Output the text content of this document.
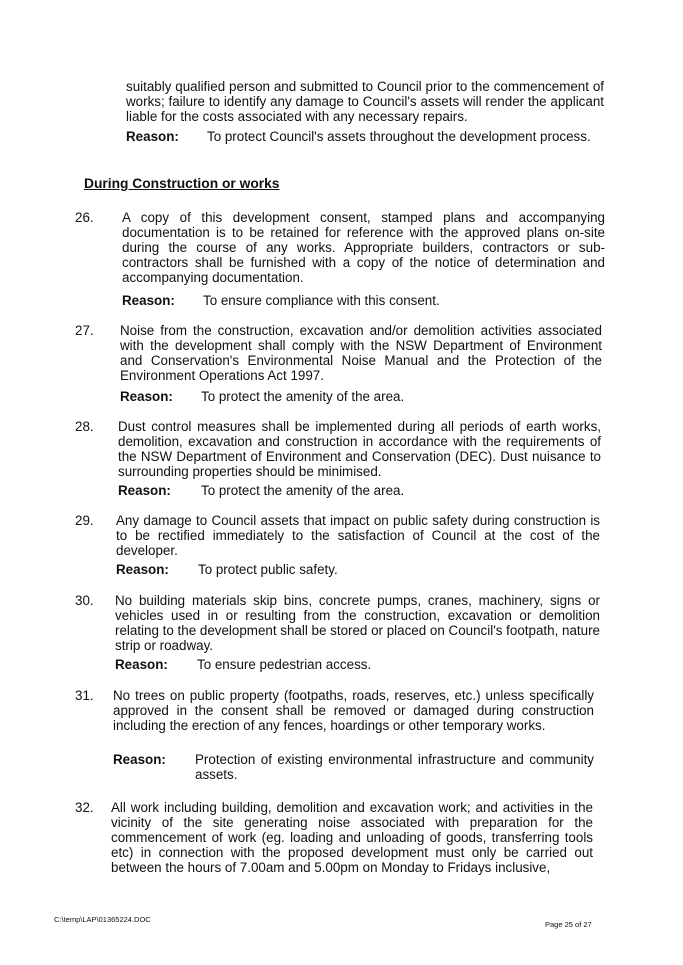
suitably qualified person and submitted to Council prior to the commencement of works; failure to identify any damage to Council's assets will render the applicant liable for the costs associated with any necessary repairs.
Reason: To protect Council's assets throughout the development process.
During Construction or works
26. A copy of this development consent, stamped plans and accompanying documentation is to be retained for reference with the approved plans on-site during the course of any works. Appropriate builders, contractors or sub-contractors shall be furnished with a copy of the notice of determination and accompanying documentation.
Reason: To ensure compliance with this consent.
27. Noise from the construction, excavation and/or demolition activities associated with the development shall comply with the NSW Department of Environment and Conservation's Environmental Noise Manual and the Protection of the Environment Operations Act 1997.
Reason: To protect the amenity of the area.
28. Dust control measures shall be implemented during all periods of earth works, demolition, excavation and construction in accordance with the requirements of the NSW Department of Environment and Conservation (DEC). Dust nuisance to surrounding properties should be minimised.
Reason: To protect the amenity of the area.
29. Any damage to Council assets that impact on public safety during construction is to be rectified immediately to the satisfaction of Council at the cost of the developer.
Reason: To protect public safety.
30. No building materials skip bins, concrete pumps, cranes, machinery, signs or vehicles used in or resulting from the construction, excavation or demolition relating to the development shall be stored or placed on Council's footpath, nature strip or roadway.
Reason: To ensure pedestrian access.
31. No trees on public property (footpaths, roads, reserves, etc.) unless specifically approved in the consent shall be removed or damaged during construction including the erection of any fences, hoardings or other temporary works.
Reason: Protection of existing environmental infrastructure and community assets.
32. All work including building, demolition and excavation work; and activities in the vicinity of the site generating noise associated with preparation for the commencement of work (eg. loading and unloading of goods, transferring tools etc) in connection with the proposed development must only be carried out between the hours of 7.00am and 5.00pm on Monday to Fridays inclusive,
C:\temp\LAP\01365224.DOC
Page 25 of 27
